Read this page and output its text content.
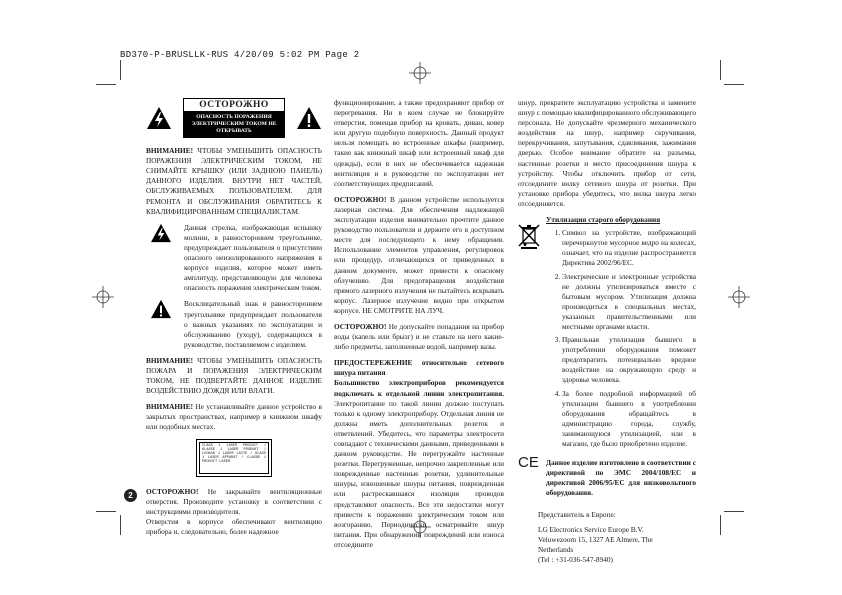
BD370-P-BRUSLLK-RUS 4/20/09 5:02 PM Page 2
ОСТОРОЖНО
ОПАСНОСТЬ ПОРАЖЕНИЯ ЭЛЕКТРИЧЕСКИМ ТОКОМ НЕ ОТКРЫВАТЬ

ВНИМАНИЕ! ЧТОБЫ УМЕНЬШИТЬ ОПАСНОСТЬ ПОРАЖЕНИЯ ЭЛЕКТРИЧЕСКИМ ТОКОМ, НЕ СНИМАЙТЕ КРЫШКУ (ИЛИ ЗАДНЮЮ ПАНЕЛЬ) ДАННОГО ИЗДЕЛИЯ. ВНУТРИ НЕТ ЧАСТЕЙ, ОБСЛУЖИВАЕМЫХ ПОЛЬЗОВАТЕЛЕМ. ДЛЯ РЕМОНТА И ОБСЛУЖИВАНИЯ ОБРАТИТЕСЬ К КВАЛИФИЦИРОВАННЫМ СПЕЦИАЛИСТАМ.

Данная стрелка, изображающая вспышку молнии, в равностороннем треугольнике, предупреждает пользователя о присутствии опасного неизолированного напряжения в корпусе изделия, которое может иметь амплитуду, представляющую для человека опасность поражения электрическим током.
Восклицательный знак в равностороннем треугольнике предупреждает пользователя о важных указаниях по эксплуатации и обслуживанию (уходу), содержащихся в руководстве, поставляемом с изделием.

ВНИМАНИЕ! ЧТОБЫ УМЕНЬШИТЬ ОПАСНОСТЬ ПОЖАРА И ПОРАЖЕНИЯ ЭЛЕКТРИЧЕСКИМ ТОКОМ, НЕ ПОДВЕРГАЙТЕ ДАННОЕ ИЗДЕЛИЕ ВОЗДЕЙСТВИЮ ДОЖДЯ ИЛИ ВЛАГИ.

ВНИМАНИЕ! Не устанавливайте данное устройство в закрытых пространствах, например в книжном шкафу или подобных местах.

CLASS 1 LASER PRODUCT / KLASSE 1 LASER PRODUKT / LUOKAN 1 LASER LAITE / KLASS 1 LASER APPARAT / CLASSE 1 PRODUIT LASER

ОСТОРОЖНО! Не закрывайте вентиляционные отверстия. Производите установку в соответствии с инструкциями производителя.

Отверстия в корпусе обеспечивают вентиляцию прибора и, следовательно, более надежное

функционирование, а также предохраняют прибор от перегревания. Ни в коем случае не блокируйте отверстия, помещая прибор на кровать, диван, ковер или другую подобную поверхность. Данный продукт нельзя помещать во встроенные шкафы (например, такие как книжный шкаф или встроенный шкаф для одежды), если в них не обеспечивается надежная вентиляция и в руководстве по эксплуатации нет соответствующих предписаний.

ОСТОРОЖНО! В данном устройстве используется лазерная система. Для обеспечения надлежащей эксплуатации изделия внимательно прочтите данное руководство пользователя и держите его в доступном месте для последующего к нему обращения. Использование элементов управления, регулировок или процедур, отличающихся от приведенных в данном документе, может привести к опасному облучению. Для предотвращения воздействия прямого лазерного излучения не пытайтесь вскрывать корпус. Лазерное излучение видно при открытом корпусе. НЕ СМОТРИТЕ НА ЛУЧ.

ОСТОРОЖНО! Не допускайте попадания на прибор воды (капель или брызг) и не ставьте на него какие-либо предметы, заполненные водой, например вазы.

ПРЕДОСТЕРЕЖЕНИЕ относительно сетевого шнура питания
Большинство электроприборов рекомендуется подключать к отдельной линии электропитания. Электропитание по такой линии должно поступать только к одному электроприбору. Отдельная линия не должна иметь дополнительных розеток и ответвлений. Убедитесь, что параметры электросети совпадают с техническими данными, приведенными в данном руководстве. Не перегружайте настенные розетки. Перегруженные, непрочно закрепленные или поврежденные настенные розетки, удлинительные шнуры, изношенные шнуры питания, поврежденная или растрескавшаяся изоляция проводов представляют опасность. Все эти недостатки могут привести к поражению электрическим током или возгоранию. Периодически осматривайте шнур питания. При обнаружении повреждений или износа отсоедините

шнур, прекратите эксплуатацию устройства и замените шнур с помощью квалифицированного обслуживающего персонала. Не допускайте чрезмерного механического воздействия на шнур, например скручивания, перекручивания, запутывания, сдавливания, зажимания дверью. Особое внимание обратите на разъемы, настенные розетки и место присоединения шнура к устройству. Чтобы отключить прибор от сети, отсоедините вилку сетевого шнура от розетки. При установке прибора убедитесь, что вилка шнура легко отсоединяется.

Утилизация старого оборудования
1. Символ на устройстве, изображающий перечеркнутое мусорное ведро на колесах, означает, что на изделие распространяется Директива 2002/96/EC.
2. Электрические и электронные устройства не должны утилизироваться вместе с бытовым мусором. Утилизация должна производиться в специальных местах, указанных правительственными или местными органами власти.
3. Правильная утилизация бывшего в употреблении оборудования поможет предотвратить потенциально вредное воздействие на окружающую среду и здоровье человека.
4. За более подробной информацией об утилизации бывшего в употреблении оборудования обращайтесь в администрацию города, службу, занимающуюся утилизацией, или в магазин, где было приобретено изделие.
CE Данное изделие изготовлено в соответствии с директивой по ЭМС 2004/108/EC и директивой 2006/95/EC для низковольтного оборудования.
Представитель в Европе:
LG Electronics Service Europe B.V.
Veluwezoom 15, 1327 AE Almere, The
Netherlands
(Tel : +31-036-547-8940)
2
